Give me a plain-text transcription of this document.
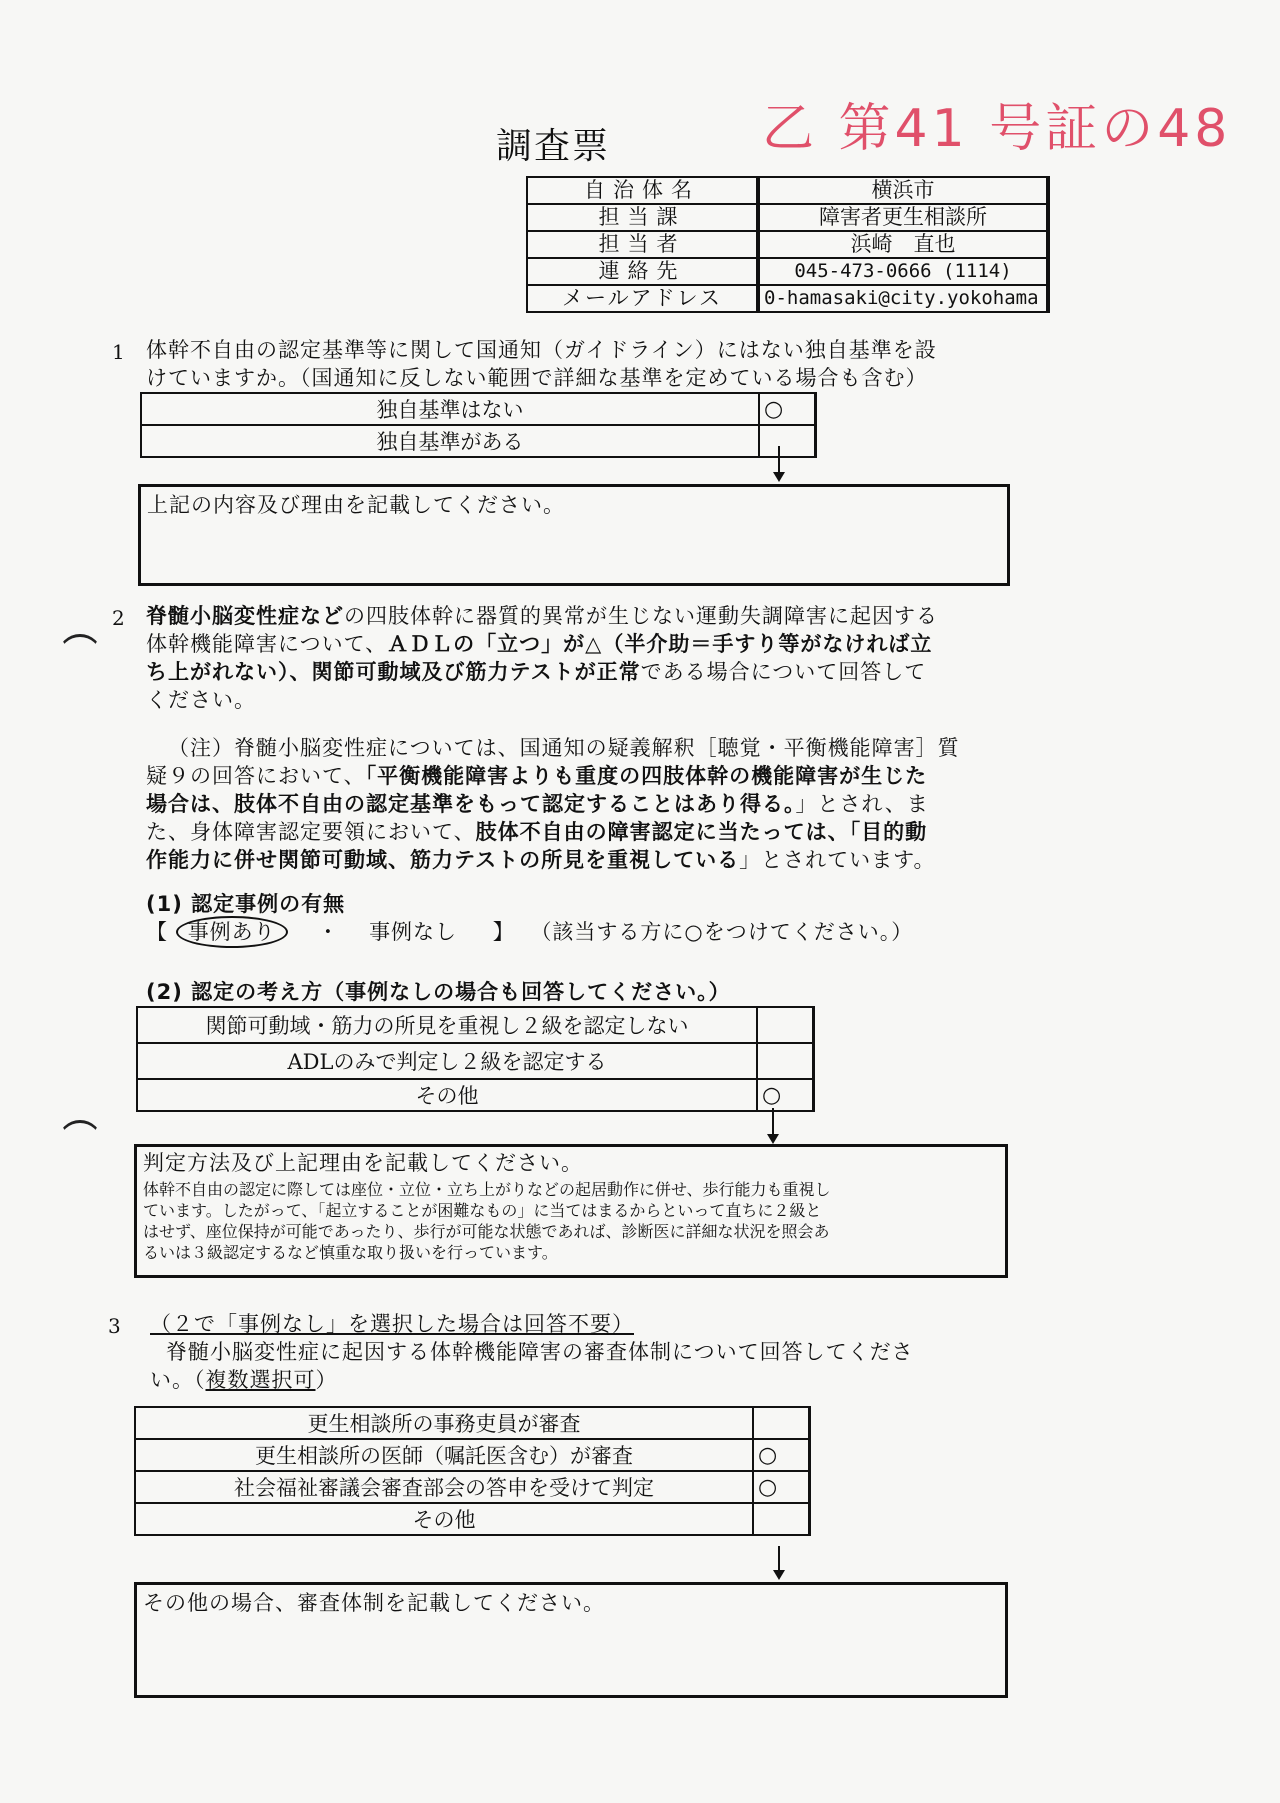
乙 第41 号証の48
調査票
自治体名	横浜市
担当課	障害者更生相談所
担当者	浜崎　直也
連絡先	045-473-0666 (1114)
メールアドレス	0-hamasaki@city.yokohama
1 体幹不自由の認定基準等に関して国通知（ガイドライン）にはない独自基準を設
けていますか。（国通知に反しない範囲で詳細な基準を定めている場合も含む）
独自基準はない	○
独自基準がある	
上記の内容及び理由を記載してください。
2 脊髄小脳変性症などの四肢体幹に器質的異常が生じない運動失調障害に起因する
体幹機能障害について、ＡＤＬの「立つ」が△（半介助＝手すり等がなければ立
ち上がれない）、関節可動域及び筋力テストが正常である場合について回答して
ください。
（注）脊髄小脳変性症については、国通知の疑義解釈［聴覚・平衡機能障害］質
疑９の回答において、「平衡機能障害よりも重度の四肢体幹の機能障害が生じた
場合は、肢体不自由の認定基準をもって認定することはあり得る。」とされ、ま
た、身体障害認定要領において、肢体不自由の障害認定に当たっては、「目的動
作能力に併せ関節可動域、筋力テストの所見を重視している」とされています。
(1) 認定事例の有無
【 事例あり ・ 事例なし 】 （該当する方に○をつけてください。）
(2) 認定の考え方（事例なしの場合も回答してください。）
関節可動域・筋力の所見を重視し２級を認定しない	
ADLのみで判定し２級を認定する	
その他	○
判定方法及び上記理由を記載してください。
体幹不自由の認定に際しては座位・立位・立ち上がりなどの起居動作に併せ、歩行能力も重視し
ています。したがって、「起立することが困難なもの」に当てはまるからといって直ちに２級と
はせず、座位保持が可能であったり、歩行が可能な状態であれば、診断医に詳細な状況を照会あ
るいは３級認定するなど慎重な取り扱いを行っています。
3 （２で「事例なし」を選択した場合は回答不要）
脊髄小脳変性症に起因する体幹機能障害の審査体制について回答してくださ
い。（複数選択可）
更生相談所の事務吏員が審査	
更生相談所の医師（嘱託医含む）が審査	○
社会福祉審議会審査部会の答申を受けて判定	○
その他	
その他の場合、審査体制を記載してください。
